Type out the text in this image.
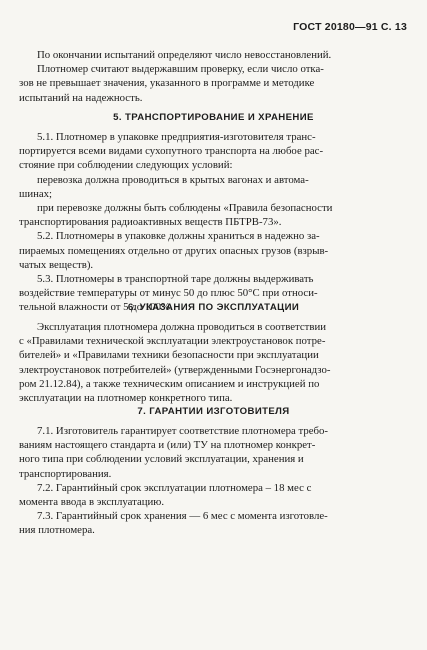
ГОСТ 20180—91 С. 13
По окончании испытаний определяют число невосстановлений.
Плотномер считают выдержавшим проверку, если число отка-
зов не превышает значения, указанного в программе и методике
испытаний на надежность.
5. ТРАНСПОРТИРОВАНИЕ И ХРАНЕНИЕ
5.1. Плотномер в упаковке предприятия-изготовителя транс-
портируется всеми видами сухопутного транспорта на любое рас-
стояние при соблюдении следующих условий:
перевозка должна проводиться в крытых вагонах и автома-
шинах;
при перевозке должны быть соблюдены «Правила безопасности
транспортирования радиоактивных веществ ПБТРВ-73».
5.2. Плотномеры в упаковке должны храниться в надежно за-
пираемых помещениях отдельно от других опасных грузов (взрыв-
чатых веществ).
5.3. Плотномеры в транспортной таре должны выдерживать
воздействие температуры от минус 50 до плюс 50°С при относи-
тельной влажности от 5 до 100%.
6. УКАЗАНИЯ ПО ЭКСПЛУАТАЦИИ
Эксплуатация плотномера должна проводиться в соответствии
с «Правилами технической эксплуатации электроустановок потре-
бителей» и «Правилами техники безопасности при эксплуатации
электроустановок потребителей» (утвержденными Госэнергонадзо-
ром 21.12.84), а также техническим описанием и инструкцией по
эксплуатации на плотномер конкретного типа.
7. ГАРАНТИИ ИЗГОТОВИТЕЛЯ
7.1. Изготовитель гарантирует соответствие плотномера требо-
ваниям настоящего стандарта и (или) ТУ на плотномер конкрет-
ного типа при соблюдении условий эксплуатации, хранения и
транспортирования.
7.2. Гарантийный срок эксплуатации плотномера – 18 мес с
момента ввода в эксплуатацию.
7.3. Гарантийный срок хранения — 6 мес с момента изготовле-
ния плотномера.
